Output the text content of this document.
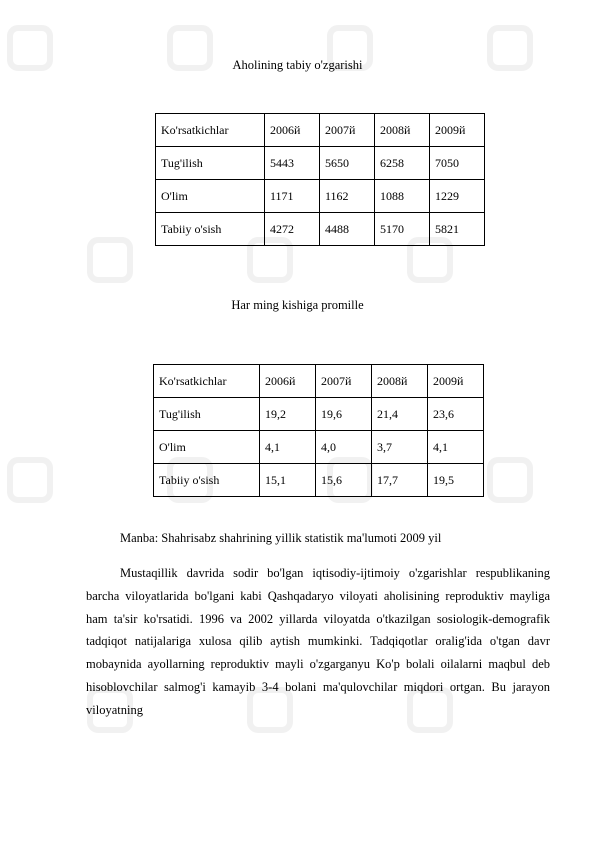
Aholining tabiy o'zgarishi
Ko'rsatkichlar	2006й	2007й	2008й	2009й
Tug'ilish	5443	5650	6258	7050
O'lim	1171	1162	1088	1229
Tabiiy o'sish	4272	4488	5170	5821
Har ming kishiga promille
Ko'rsatkichlar	2006й	2007й	2008й	2009й
Tug'ilish	19,2	19,6	21,4	23,6
O'lim	4,1	4,0	3,7	4,1
Tabiiy o'sish	15,1	15,6	17,7	19,5
Manba: Shahrisabz shahrining yillik statistik ma'lumoti 2009 yil
Mustaqillik davrida sodir bo'lgan iqtisodiy-ijtimoiy o'zgarishlar respublikaning barcha viloyatlarida bo'lgani kabi Qashqadaryo viloyati aholisining reproduktiv mayliga ham ta'sir ko'rsatidi. 1996 va 2002 yillarda viloyatda o'tkazilgan sosiologik-demografik tadqiqot natijalariga xulosa qilib aytish mumkinki. Tadqiqotlar oralig'ida o'tgan davr mobaynida ayollarning reproduktiv mayli o'zgarganyu Ko'p bolali oilalarni maqbul deb hisoblovchilar salmog'i kamayib 3-4 bolani ma'qulovchilar miqdori ortgan. Bu jarayon viloyatning
